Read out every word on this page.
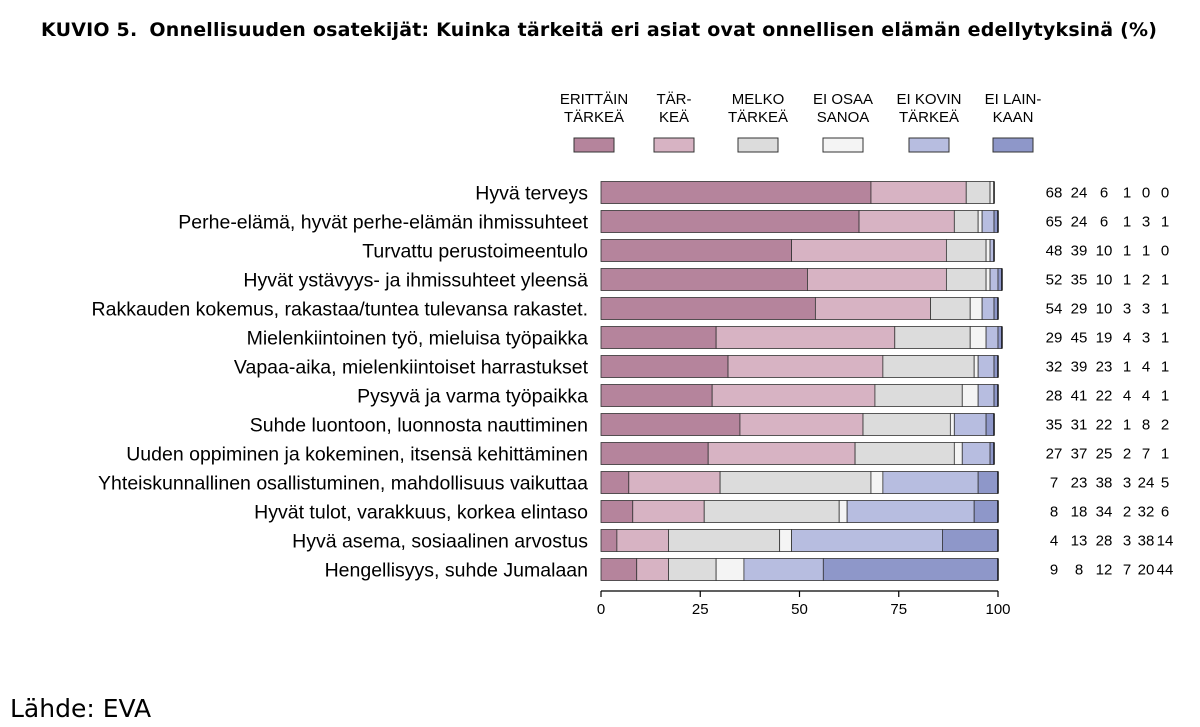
KUVIO 5. Onnellisuuden osatekijät: Kuinka tärkeitä eri asiat ovat onnellisen elämän edellytyksinä (%)
ERITTÄIN
TÄRKEÄ
TÄR-
KEÄ
MELKO
TÄRKEÄ
EI OSAA
SANOA
EI KOVIN
TÄRKEÄ
EI LAIN-
KAAN
Hyvä terveys	68 24 6 1 0 0
Perhe-elämä, hyvät perhe-elämän ihmissuhteet	65 24 6 1 3 1
Turvattu perustoimeentulo	48 39 10 1 1 0
Hyvät ystävyys- ja ihmissuhteet yleensä	52 35 10 1 2 1
Rakkauden kokemus, rakastaa/tuntea tulevansa rakastet.	54 29 10 3 3 1
Mielenkiintoinen työ, mieluisa työpaikka	29 45 19 4 3 1
Vapaa-aika, mielenkiintoiset harrastukset	32 39 23 1 4 1
Pysyvä ja varma työpaikka	28 41 22 4 4 1
Suhde luontoon, luonnosta nauttiminen	35 31 22 1 8 2
Uuden oppiminen ja kokeminen, itsensä kehittäminen	27 37 25 2 7 1
Yhteiskunnallinen osallistuminen, mahdollisuus vaikuttaa	7 23 38 3 24 5
Hyvät tulot, varakkuus, korkea elintaso	8 18 34 2 32 6
Hyvä asema, sosiaalinen arvostus	4 13 28 3 38 14
Hengellisyys, suhde Jumalaan	9 8 12 7 20 44
0	25	50	75	100
Lähde: EVA
